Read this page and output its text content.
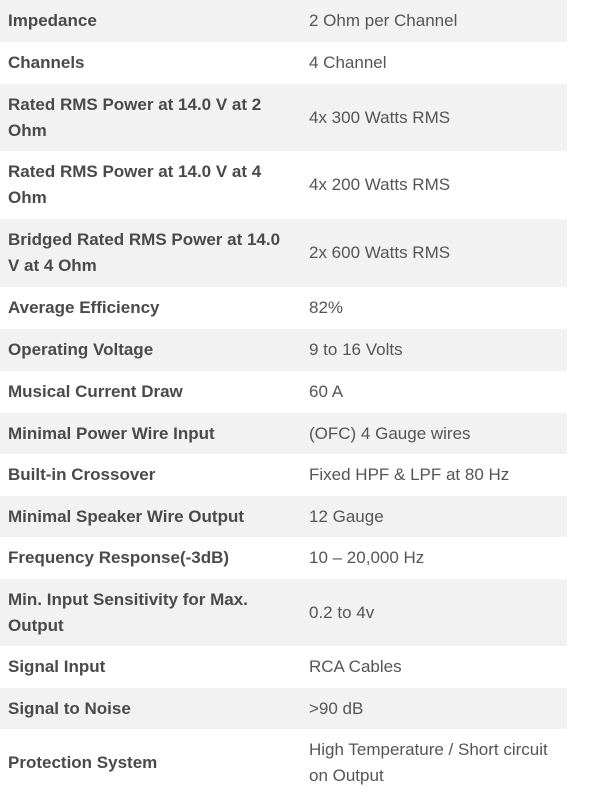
Impedance	2 Ohm per Channel
Channels	4 Channel
Rated RMS Power at 14.0 V at 2 Ohm	4x 300 Watts RMS
Rated RMS Power at 14.0 V at 4 Ohm	4x 200 Watts RMS
Bridged Rated RMS Power at 14.0 V at 4 Ohm	2x 600 Watts RMS
Average Efficiency	82%
Operating Voltage	9 to 16 Volts
Musical Current Draw	60 A
Minimal Power Wire Input	(OFC) 4 Gauge wires
Built-in Crossover	Fixed HPF & LPF at 80 Hz
Minimal Speaker Wire Output	12 Gauge
Frequency Response(-3dB)	10 – 20,000 Hz
Min. Input Sensitivity for Max. Output	0.2 to 4v
Signal Input	RCA Cables
Signal to Noise	>90 dB
Protection System	High Temperature / Short circuit on Output
